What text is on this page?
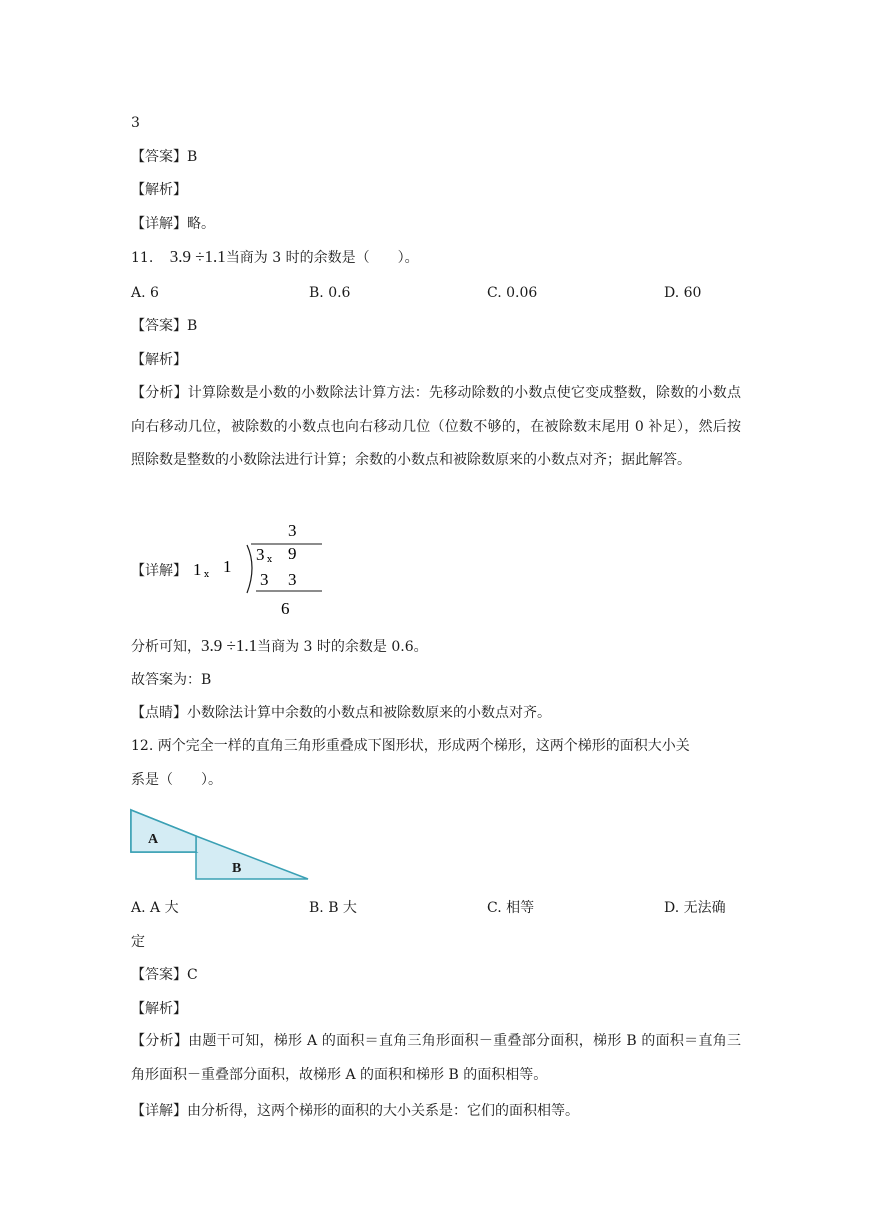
3
【答案】B
【解析】
【详解】略。
11. 3.9 ÷1.1当商为 3 时的余数是（　　）。
A. 6	B. 0.6	C. 0.06	D. 60
【答案】B
【解析】
【分析】计算除数是小数的小数除法计算方法：先移动除数的小数点使它变成整数，除数的小数点向右移动几位，被除数的小数点也向右移动几位（位数不够的，在被除数末尾用 0 补足），然后按照除数是整数的小数除法进行计算；余数的小数点和被除数原来的小数点对齐；据此解答。
【详解】
3
1 ⅹ 1
3 ⅹ 9
3 3
6
分析可知，3.9 ÷1.1当商为 3 时的余数是 0.6。
故答案为：B
【点睛】小数除法计算中余数的小数点和被除数原来的小数点对齐。
12. 两个完全一样的直角三角形重叠成下图形状，形成两个梯形，这两个梯形的面积大小关
系是（　　）。
A
B
A. A 大	B. B 大	C. 相等	D. 无法确
定
【答案】C
【解析】
【分析】由题干可知，梯形 A 的面积＝直角三角形面积－重叠部分面积，梯形 B 的面积＝直角三角形面积－重叠部分面积，故梯形 A 的面积和梯形 B 的面积相等。
【详解】由分析得，这两个梯形的面积的大小关系是：它们的面积相等。
